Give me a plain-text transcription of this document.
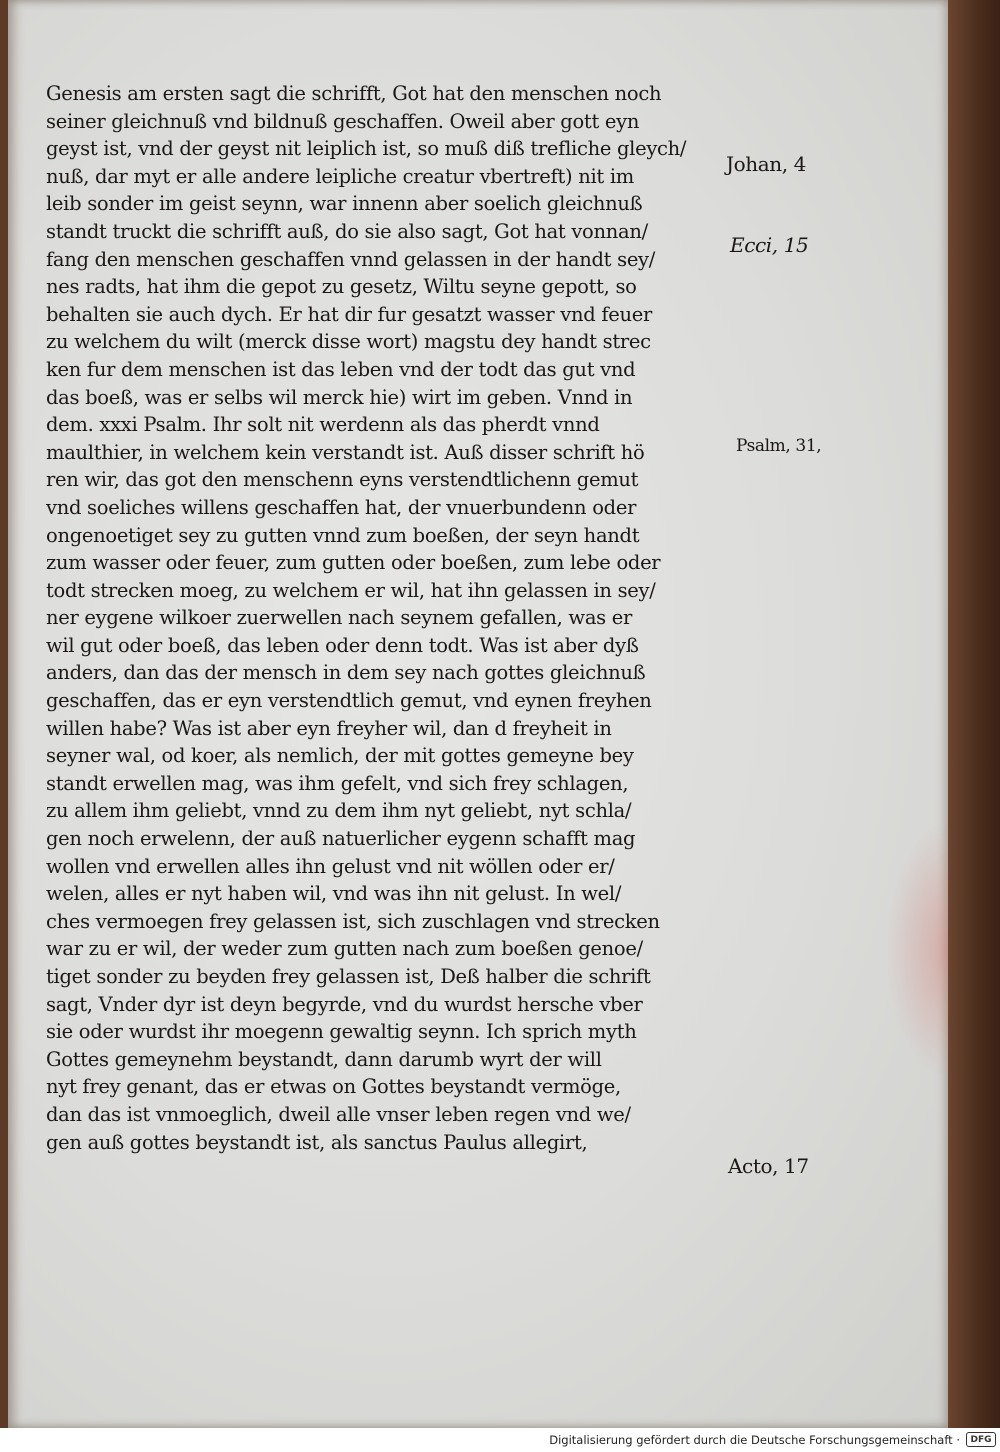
Genesis am ersten sagt die schrifft, Got hat den menschen noch
seiner gleichnuß vnd bildnuß geschaffen. Oweil aber gott eyn
geyst ist, vnd der geyst nit leiplich ist, so muß diß trefliche gleych/
nuß, dar myt er alle andere leipliche creatur vbertreft) nit im
leib sonder im geist seynn, war innenn aber soelich gleichnuß
standt truckt die schrifft auß, do sie also sagt, Got hat vonnan/
fang den menschen geschaffen vnnd gelassen in der handt sey/
nes radts, hat ihm die gepot zu gesetz, Wiltu seyne gepott, so
behalten sie auch dych. Er hat dir fur gesatzt wasser vnd feuer
zu welchem du wilt (merck disse wort) magstu dey handt strec
ken fur dem menschen ist das leben vnd der todt das gut vnd
das boeß, was er selbs wil merck hie) wirt im geben. Vnnd in
dem. xxxi Psalm. Ihr solt nit werdenn als das pherdt vnnd
maulthier, in welchem kein verstandt ist. Auß disser schrift hö
ren wir, das got den menschenn eyns verstendtlichenn gemut
vnd soeliches willens geschaffen hat, der vnuerbundenn oder
ongenoetiget sey zu gutten vnnd zum boeßen, der seyn handt
zum wasser oder feuer, zum gutten oder boeßen, zum lebe oder
todt strecken moeg, zu welchem er wil, hat ihn gelassen in sey/
ner eygene wilkoer zuerwellen nach seynem gefallen, was er
wil gut oder boeß, das leben oder denn todt. Was ist aber dyß
anders, dan das der mensch in dem sey nach gottes gleichnuß
geschaffen, das er eyn verstendtlich gemut, vnd eynen freyhen
willen habe? Was ist aber eyn freyher wil, dan d freyheit in
seyner wal, od koer, als nemlich, der mit gottes gemeyne bey
standt erwellen mag, was ihm gefelt, vnd sich frey schlagen,
zu allem ihm geliebt, vnnd zu dem ihm nyt geliebt, nyt schla/
gen noch erwelenn, der auß natuerlicher eygenn schafft mag
wollen vnd erwellen alles ihn gelust vnd nit wöllen oder er/
welen, alles er nyt haben wil, vnd was ihn nit gelust. In wel/
ches vermoegen frey gelassen ist, sich zuschlagen vnd strecken
war zu er wil, der weder zum gutten nach zum boeßen genoe/
tiget sonder zu beyden frey gelassen ist, Deß halber die schrift
sagt, Vnder dyr ist deyn begyrde, vnd du wurdst hersche vber
sie oder wurdst ihr moegenn gewaltig seynn. Ich sprich myth
Gottes gemeynehm beystandt, dann darumb wyrt der will
nyt frey genant, das er etwas on Gottes beystandt vermöge,
dan das ist vnmoeglich, dweil alle vnser leben regen vnd we/
gen auß gottes beystandt ist, als sanctus Paulus allegirt,
Johan, 4
Ecci, 15
Psalm, 31,
Acto, 17
Digitalisierung gefördert durch die Deutsche Forschungsgemeinschaft ·	DFG
